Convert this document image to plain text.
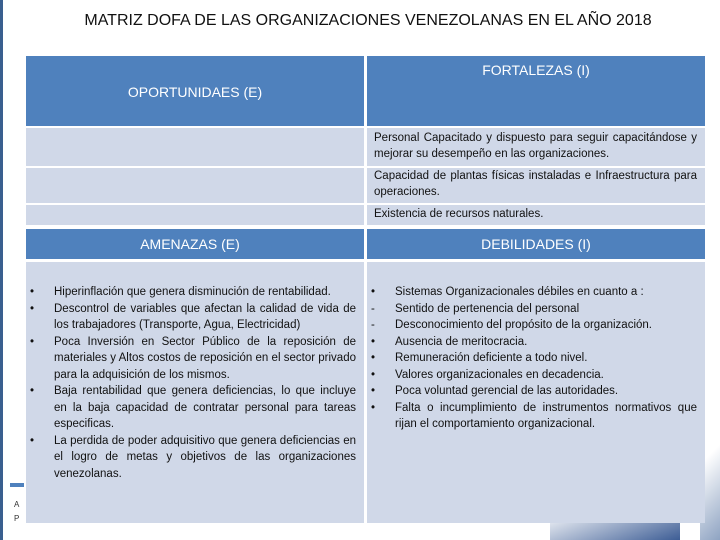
A
P
MATRIZ DOFA DE LAS ORGANIZACIONES VENEZOLANAS EN EL AÑO 2018
OPORTUNIDAES (E)
FORTALEZAS (I)
Personal Capacitado y dispuesto para seguir capacitándose y mejorar su desempeño en las organizaciones.
Capacidad de plantas físicas instaladas e Infraestructura para operaciones.
Existencia de recursos naturales.
AMENAZAS (E)	DEBILIDADES (I)
• Hiperinflación que genera disminución de rentabilidad.
• Descontrol de variables que afectan la calidad de vida de los trabajadores (Transporte, Agua, Electricidad)
• Poca Inversión en Sector Público de la reposición de materiales y Altos costos de reposición en el sector privado para la adquisición de los mismos.
• Baja rentabilidad que genera deficiencias, lo que incluye en la baja capacidad de contratar personal para tareas especificas.
• La perdida de poder adquisitivo que genera deficiencias en el logro de metas y objetivos de las organizaciones venezolanas.
• Sistemas Organizacionales débiles en cuanto a :
- Sentido de pertenencia del personal
- Desconocimiento del propósito de la organización.
• Ausencia de meritocracia.
• Remuneración deficiente a todo nivel.
• Valores organizacionales en decadencia.
• Poca voluntad gerencial de las autoridades.
• Falta o incumplimiento de instrumentos normativos que rijan el comportamiento organizacional.
